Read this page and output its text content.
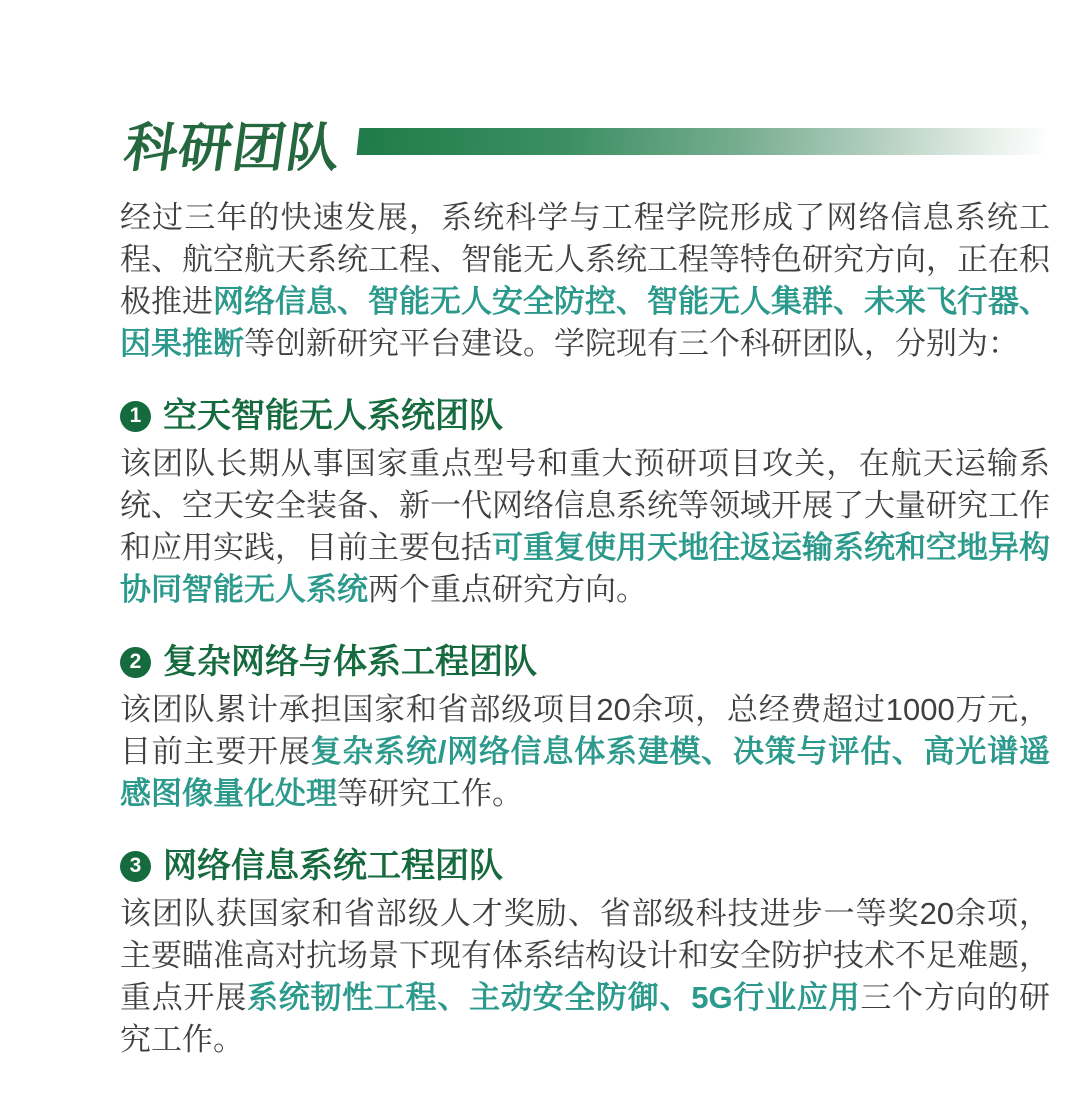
科研团队
经过三年的快速发展，系统科学与工程学院形成了网络信息系统工程、航空航天系统工程、智能无人系统工程等特色研究方向，正在积极推进网络信息、智能无人安全防控、智能无人集群、未来飞行器、因果推断等创新研究平台建设。学院现有三个科研团队，分别为：
1 空天智能无人系统团队
该团队长期从事国家重点型号和重大预研项目攻关，在航天运输系统、空天安全装备、新一代网络信息系统等领域开展了大量研究工作和应用实践，目前主要包括可重复使用天地往返运输系统和空地异构协同智能无人系统两个重点研究方向。
2 复杂网络与体系工程团队
该团队累计承担国家和省部级项目20余项，总经费超过1000万元，目前主要开展复杂系统/网络信息体系建模、决策与评估、高光谱遥感图像量化处理等研究工作。
3 网络信息系统工程团队
该团队获国家和省部级人才奖励、省部级科技进步一等奖20余项，主要瞄准高对抗场景下现有体系结构设计和安全防护技术不足难题，重点开展系统韧性工程、主动安全防御、5G行业应用三个方向的研究工作。
